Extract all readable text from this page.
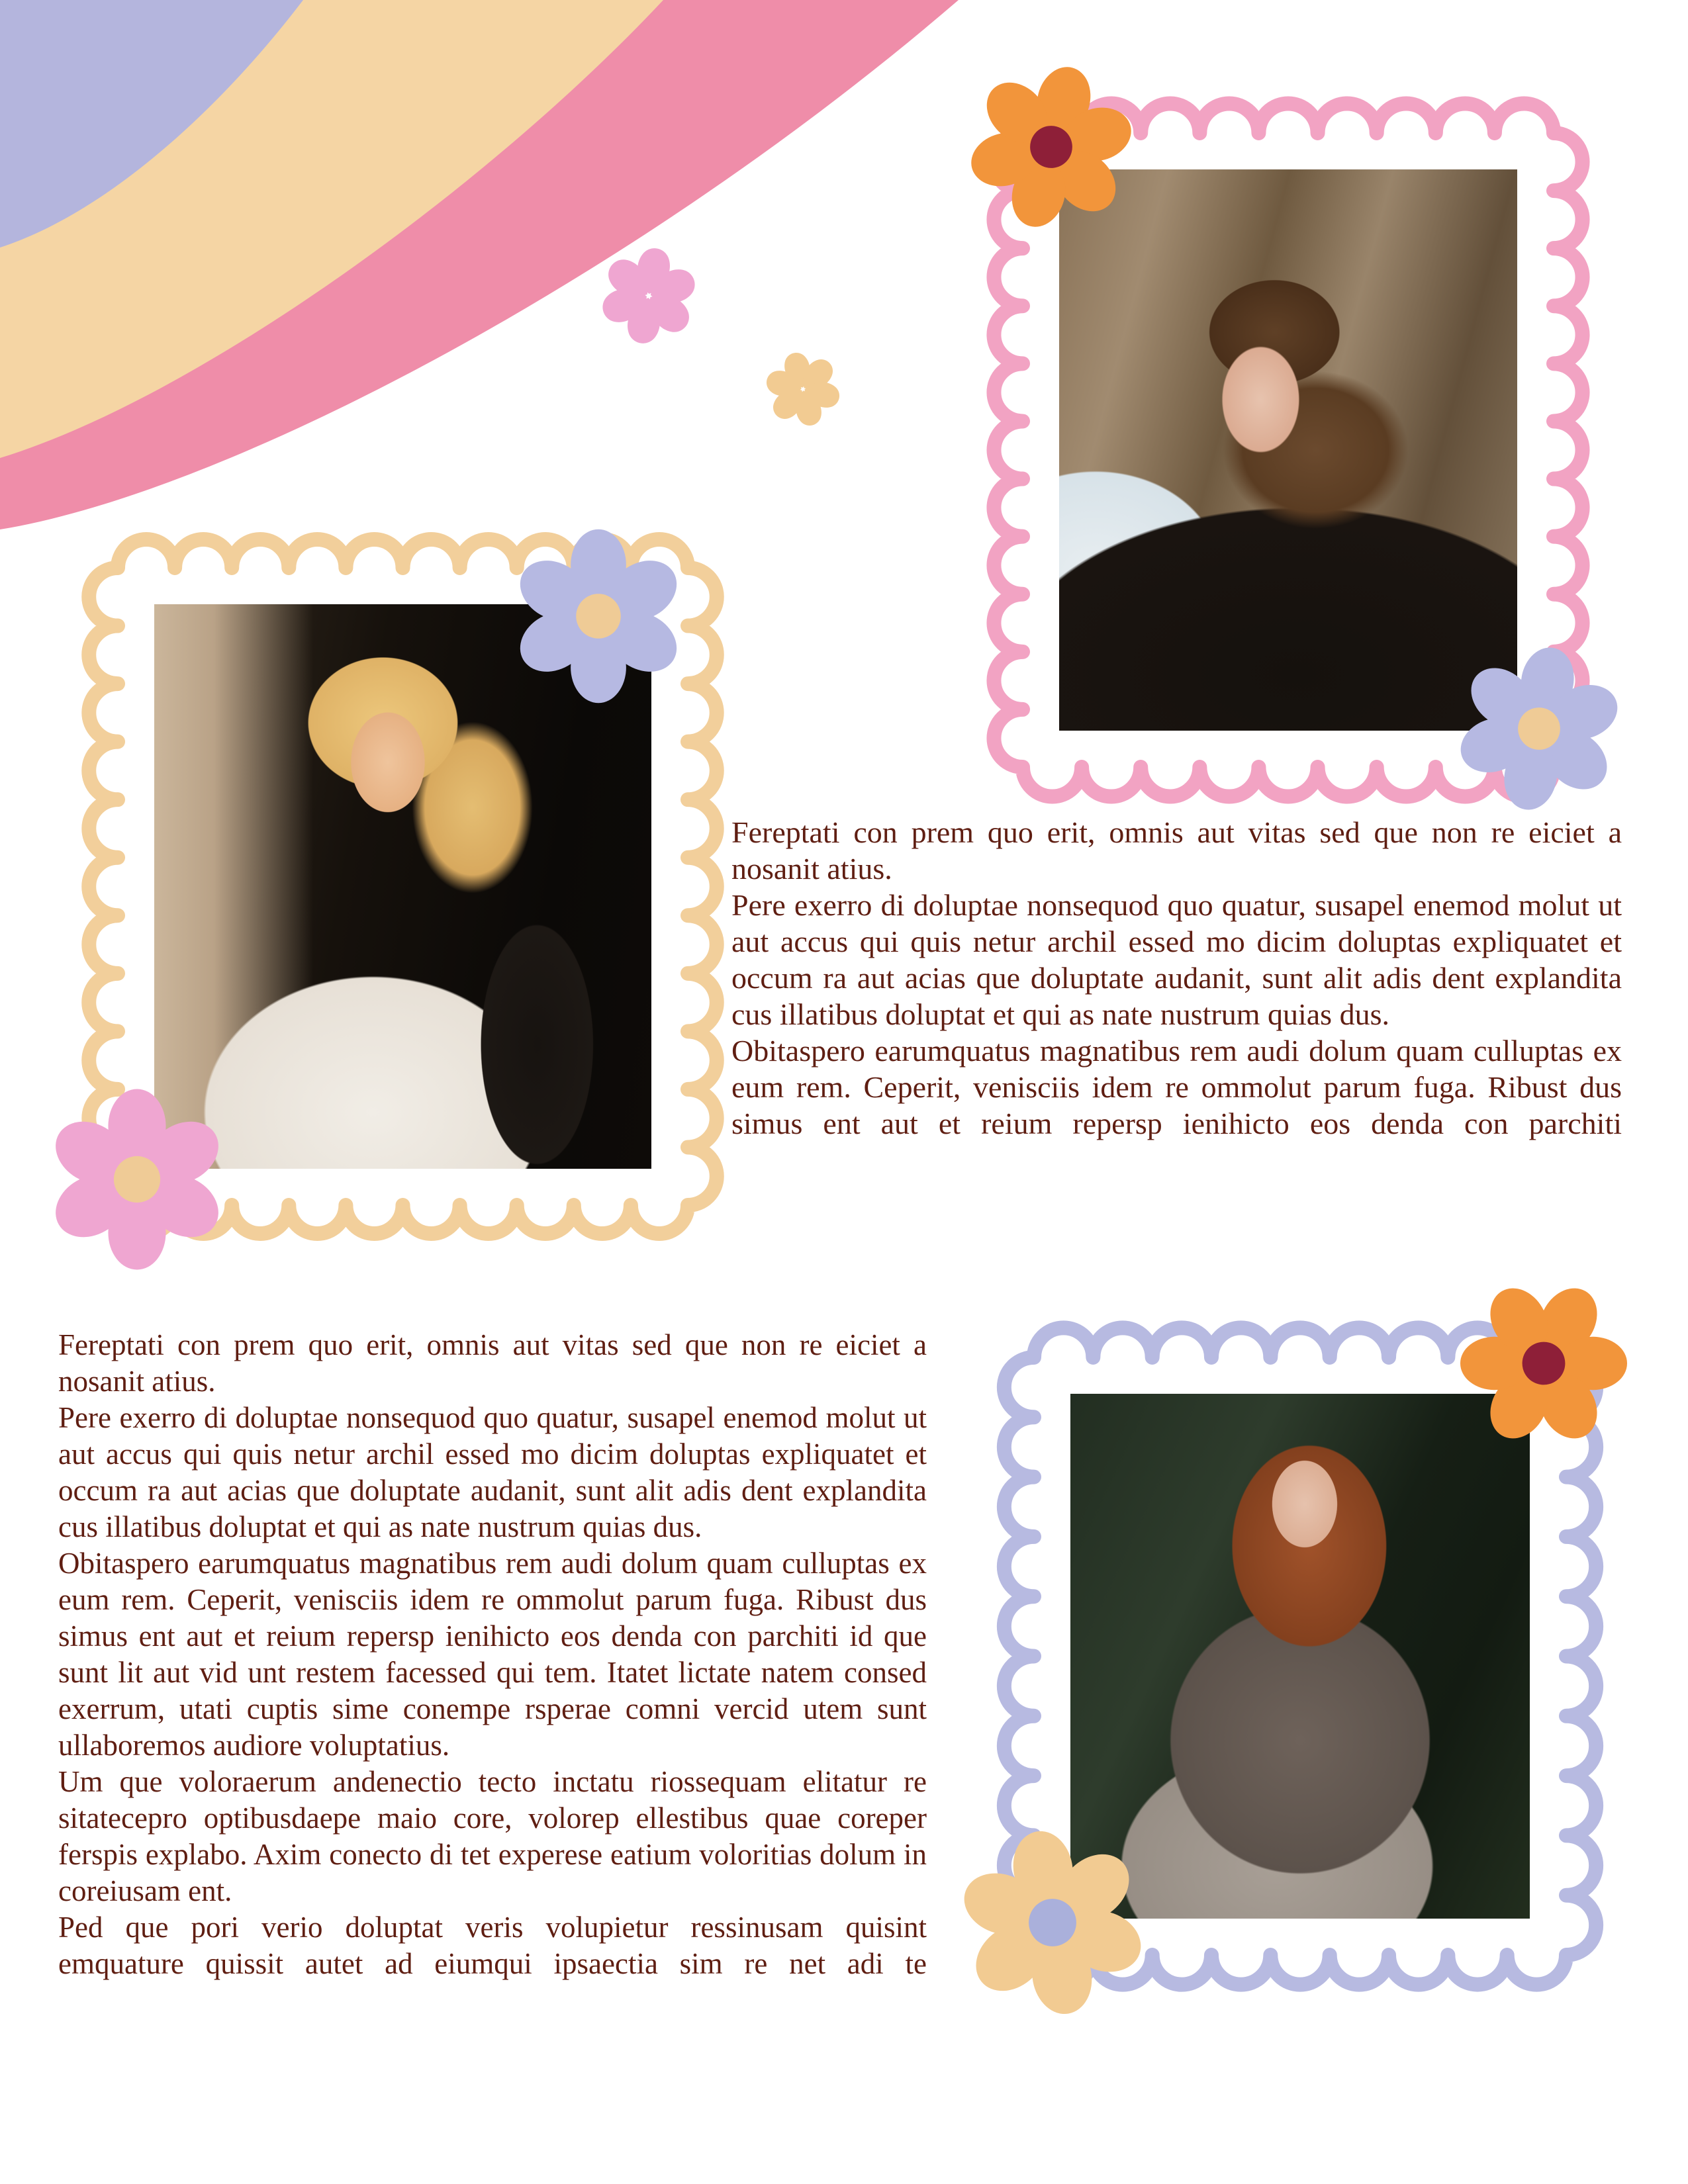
Fereptati con prem quo erit, omnis aut vitas sed que non re eiciet a nosanit atius.

Pere exerro di doluptae nonsequod quo quatur, susapel enemod molut ut aut accus qui quis netur archil essed mo dicim doluptas expliquatet et occum ra aut acias que doluptate audanit, sunt alit adis dent explandita cus illatibus doluptat et qui as nate nustrum quias dus.

Obitaspero earumquatus magnatibus rem audi dolum quam culluptas ex eum rem. Ceperit, venisciis idem re ommolut parum fuga. Ribust dus simus ent aut et reium repersp ienihicto eos denda con parchiti

Fereptati con prem quo erit, omnis aut vitas sed que non re eiciet a nosanit atius.

Pere exerro di doluptae nonsequod quo quatur, susapel enemod molut ut aut accus qui quis netur archil essed mo dicim doluptas expliquatet et occum ra aut acias que doluptate audanit, sunt alit adis dent explandita cus illatibus doluptat et qui as nate nustrum quias dus.

Obitaspero earumquatus magnatibus rem audi dolum quam culluptas ex eum rem. Ceperit, venisciis idem re ommolut parum fuga. Ribust dus simus ent aut et reium repersp ienihicto eos denda con parchiti id que sunt lit aut vid unt restem facessed qui tem. Itatet lictate natem consed exerrum, utati cuptis sime conempe rsperae comni vercid utem sunt ullaboremos audiore voluptatius.

Um que voloraerum andenectio tecto inctatu riossequam elitatur re sitatecepro optibusdaepe maio core, volorep ellestibus quae coreper ferspis explabo. Axim conecto di tet experese eatium voloritias dolum in coreiusam ent.

Ped que pori verio doluptat veris volupietur ressinusam quisint emquature quissit autet ad eiumqui ipsaectia sim re net adi te
